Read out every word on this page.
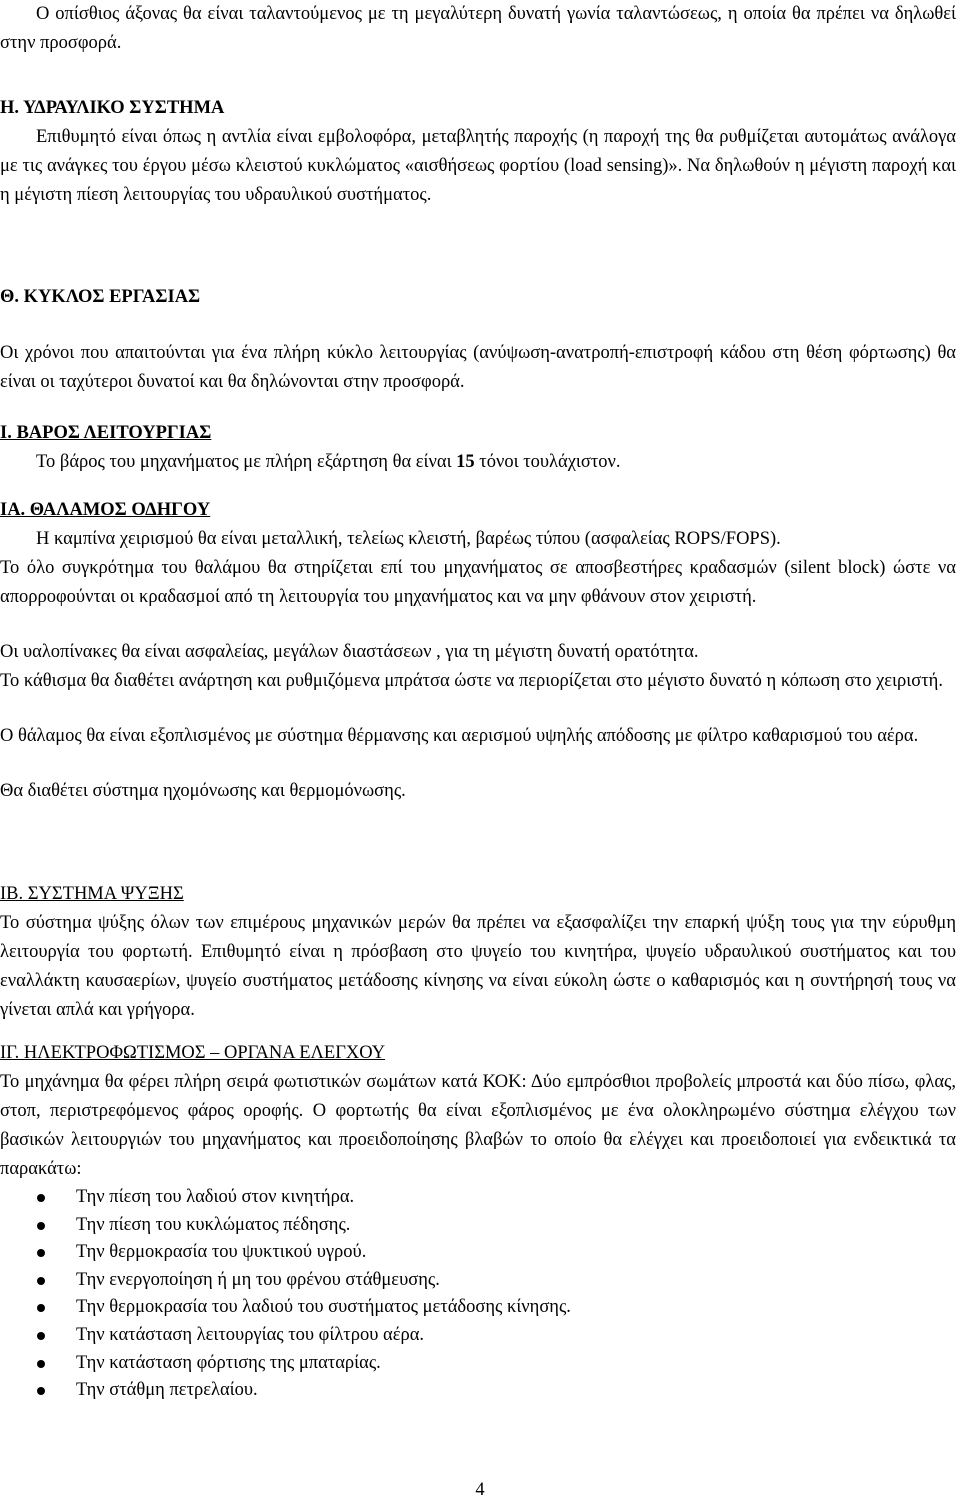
Ο οπίσθιος άξονας θα είναι ταλαντούμενος με τη μεγαλύτερη δυνατή γωνία ταλαντώσεως, η οποία θα πρέπει να δηλωθεί στην προσφορά.

Η. ΥΔΡΑΥΛΙΚΟ ΣΥΣΤΗΜΑ

Επιθυμητό είναι όπως η αντλία είναι εμβολοφόρα, μεταβλητής παροχής (η παροχή της θα ρυθμίζεται αυτομάτως ανάλογα με τις ανάγκες του έργου μέσω κλειστού κυκλώματος «αισθήσεως φορτίου (load sensing)». Να δηλωθούν η μέγιστη παροχή και η μέγιστη πίεση λειτουργίας του υδραυλικού συστήματος.

Θ. ΚΥΚΛΟΣ ΕΡΓΑΣΙΑΣ

Οι χρόνοι που απαιτούνται για ένα πλήρη κύκλο λειτουργίας (ανύψωση-ανατροπή-επιστροφή κάδου στη θέση φόρτωσης) θα είναι οι ταχύτεροι δυνατοί και θα δηλώνονται στην προσφορά.

Ι. ΒΑΡΟΣ ΛΕΙΤΟΥΡΓΙΑΣ

Το βάρος του μηχανήματος με πλήρη εξάρτηση θα είναι 15 τόνοι τουλάχιστον.

ΙΑ. ΘΑΛΑΜΟΣ ΟΔΗΓΟΥ

Η καμπίνα χειρισμού θα είναι μεταλλική, τελείως κλειστή, βαρέως τύπου (ασφαλείας ROPS/FOPS).

Το όλο συγκρότημα του θαλάμου θα στηρίζεται επί του μηχανήματος σε αποσβεστήρες κραδασμών (silent block) ώστε να απορροφούνται οι κραδασμοί από τη λειτουργία του μηχανήματος και να μην φθάνουν στον χειριστή.

Οι υαλοπίνακες θα είναι ασφαλείας, μεγάλων διαστάσεων , για τη μέγιστη δυνατή ορατότητα.

Το κάθισμα θα διαθέτει ανάρτηση και ρυθμιζόμενα μπράτσα ώστε να περιορίζεται στο μέγιστο δυνατό η κόπωση στο χειριστή.

Ο θάλαμος θα είναι εξοπλισμένος με σύστημα θέρμανσης και αερισμού υψηλής απόδοσης με φίλτρο καθαρισμού του αέρα.

Θα διαθέτει σύστημα ηχομόνωσης και θερμομόνωσης.

ΙΒ. ΣΥΣΤΗΜΑ ΨΥΞΗΣ

Το σύστημα ψύξης όλων των επιμέρους μηχανικών μερών θα πρέπει να εξασφαλίζει την επαρκή ψύξη τους για την εύρυθμη λειτουργία του φορτωτή. Επιθυμητό είναι η πρόσβαση στο ψυγείο του κινητήρα, ψυγείο υδραυλικού συστήματος και του εναλλάκτη καυσαερίων, ψυγείο συστήματος μετάδοσης κίνησης να είναι εύκολη ώστε ο καθαρισμός και η συντήρησή τους να γίνεται απλά και γρήγορα.

ΙΓ. ΗΛΕΚΤΡΟΦΩΤΙΣΜΟΣ – ΟΡΓΑΝΑ ΕΛΕΓΧΟΥ

Το μηχάνημα θα φέρει πλήρη σειρά φωτιστικών σωμάτων κατά ΚΟΚ: Δύο εμπρόσθιοι προβολείς μπροστά και δύο πίσω, φλας, στοπ, περιστρεφόμενος φάρος οροφής. Ο φορτωτής θα είναι εξοπλισμένος με ένα ολοκληρωμένο σύστημα ελέγχου των βασικών λειτουργιών του μηχανήματος και προειδοποίησης βλαβών το οποίο θα ελέγχει και προειδοποιεί για ενδεικτικά τα παρακάτω:

Την πίεση του λαδιού στον κινητήρα.
Την πίεση του κυκλώματος πέδησης.
Την θερμοκρασία του ψυκτικού υγρού.
Την ενεργοποίηση ή μη του φρένου στάθμευσης.
Την θερμοκρασία του λαδιού του συστήματος μετάδοσης κίνησης.
Την κατάσταση λειτουργίας του φίλτρου αέρα.
Την κατάσταση φόρτισης της μπαταρίας.
Την στάθμη πετρελαίου.
4
